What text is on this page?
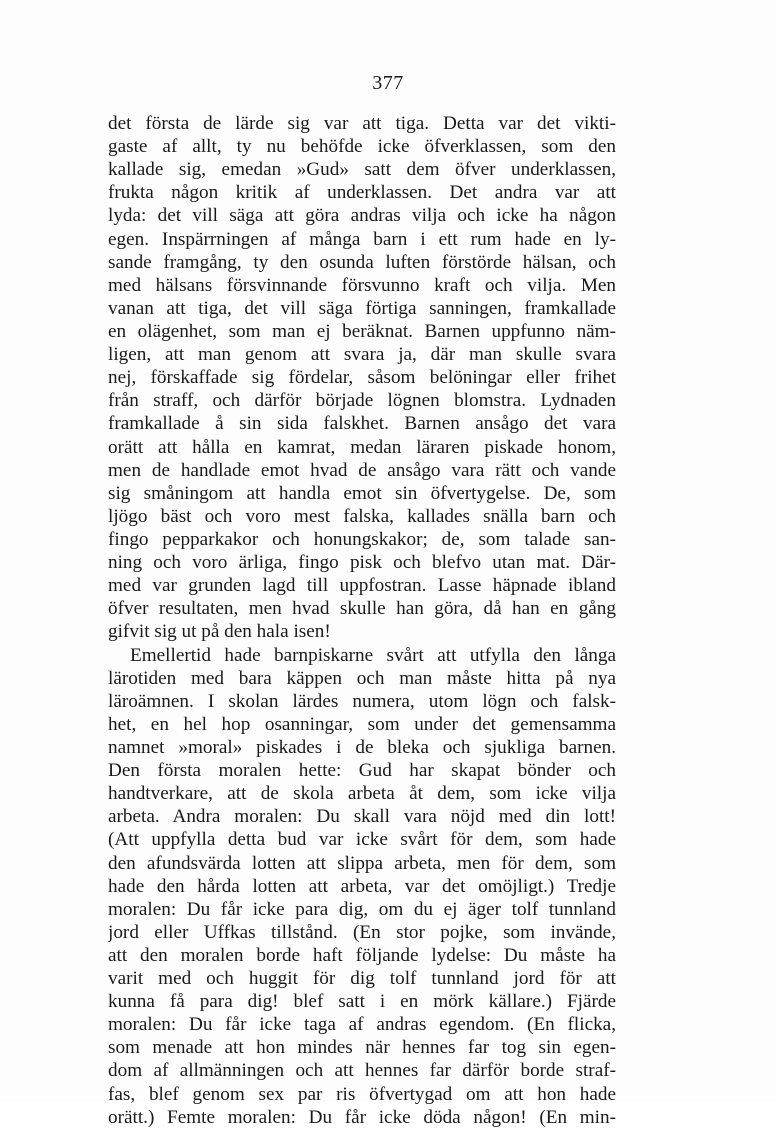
377
det första de lärde sig var att tiga. Detta var det vikti-
gaste af allt, ty nu behöfde icke öfverklassen, som den
kallade sig, emedan »Gud» satt dem öfver underklassen,
frukta någon kritik af underklassen. Det andra var att
lyda: det vill säga att göra andras vilja och icke ha någon
egen. Inspärrningen af många barn i ett rum hade en ly-
sande framgång, ty den osunda luften förstörde hälsan, och
med hälsans försvinnande försvunno kraft och vilja. Men
vanan att tiga, det vill säga förtiga sanningen, framkallade
en olägenhet, som man ej beräknat. Barnen uppfunno näm-
ligen, att man genom att svara ja, där man skulle svara
nej, förskaffade sig fördelar, såsom belöningar eller frihet
från straff, och därför började lögnen blomstra. Lydnaden
framkallade å sin sida falskhet. Barnen ansågo det vara
orätt att hålla en kamrat, medan läraren piskade honom,
men de handlade emot hvad de ansågo vara rätt och vande
sig småningom att handla emot sin öfvertygelse. De, som
ljögo bäst och voro mest falska, kallades snälla barn och
fingo pepparkakor och honungskakor; de, som talade san-
ning och voro ärliga, fingo pisk och blefvo utan mat. Där-
med var grunden lagd till uppfostran. Lasse häpnade ibland
öfver resultaten, men hvad skulle han göra, då han en gång
gifvit sig ut på den hala isen!
Emellertid hade barnpiskarne svårt att utfylla den långa
lärotiden med bara käppen och man måste hitta på nya
läroämnen. I skolan lärdes numera, utom lögn och falsk-
het, en hel hop osanningar, som under det gemensamma
namnet »moral» piskades i de bleka och sjukliga barnen.
Den första moralen hette: Gud har skapat bönder och
handtverkare, att de skola arbeta åt dem, som icke vilja
arbeta. Andra moralen: Du skall vara nöjd med din lott!
(Att uppfylla detta bud var icke svårt för dem, som hade
den afundsvärda lotten att slippa arbeta, men för dem, som
hade den hårda lotten att arbeta, var det omöjligt.) Tredje
moralen: Du får icke para dig, om du ej äger tolf tunnland
jord eller Uffkas tillstånd. (En stor pojke, som invände,
att den moralen borde haft följande lydelse: Du måste ha
varit med och huggit för dig tolf tunnland jord för att
kunna få para dig! blef satt i en mörk källare.) Fjärde
moralen: Du får icke taga af andras egendom. (En flicka,
som menade att hon mindes när hennes far tog sin egen-
dom af allmänningen och att hennes far därför borde straf-
fas, blef genom sex par ris öfvertygad om att hon hade
orätt.) Femte moralen: Du får icke döda någon! (En min-
